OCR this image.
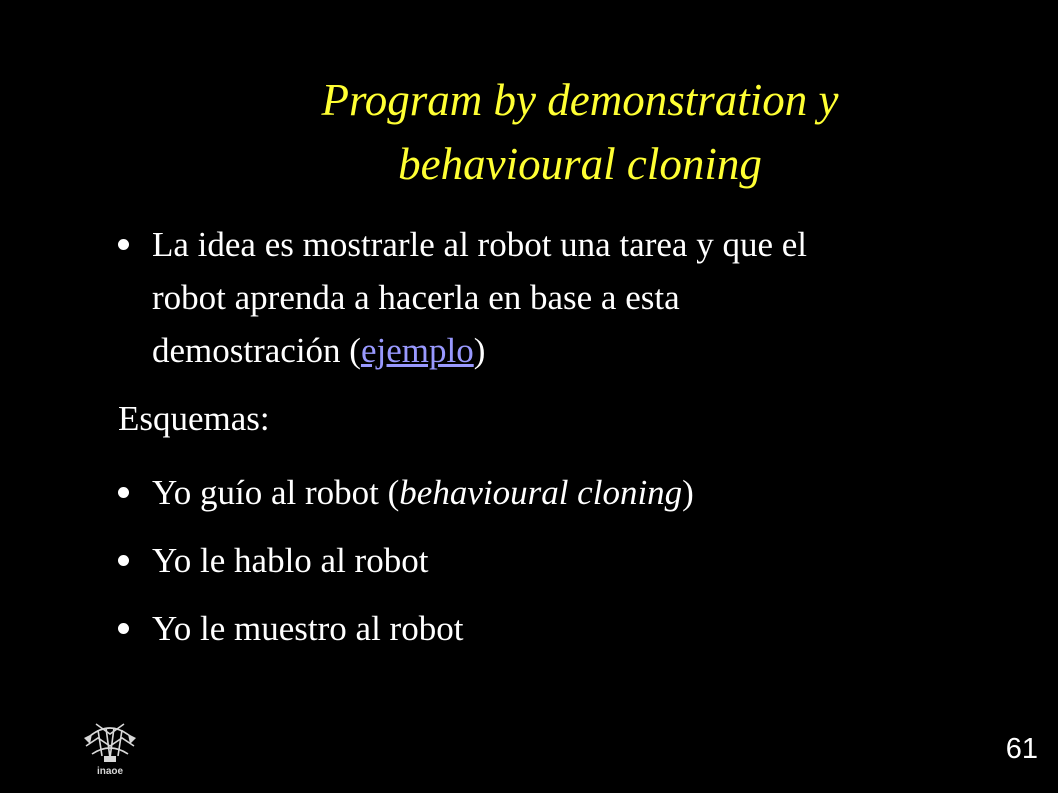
Program by demonstration y
behavioural cloning
La idea es mostrarle al robot una tarea y que el
robot aprenda a hacerla en base a esta
demostración (ejemplo)
Esquemas:
Yo guío al robot (behavioural cloning)
Yo le hablo al robot
Yo le muestro al robot
inaoe
61
